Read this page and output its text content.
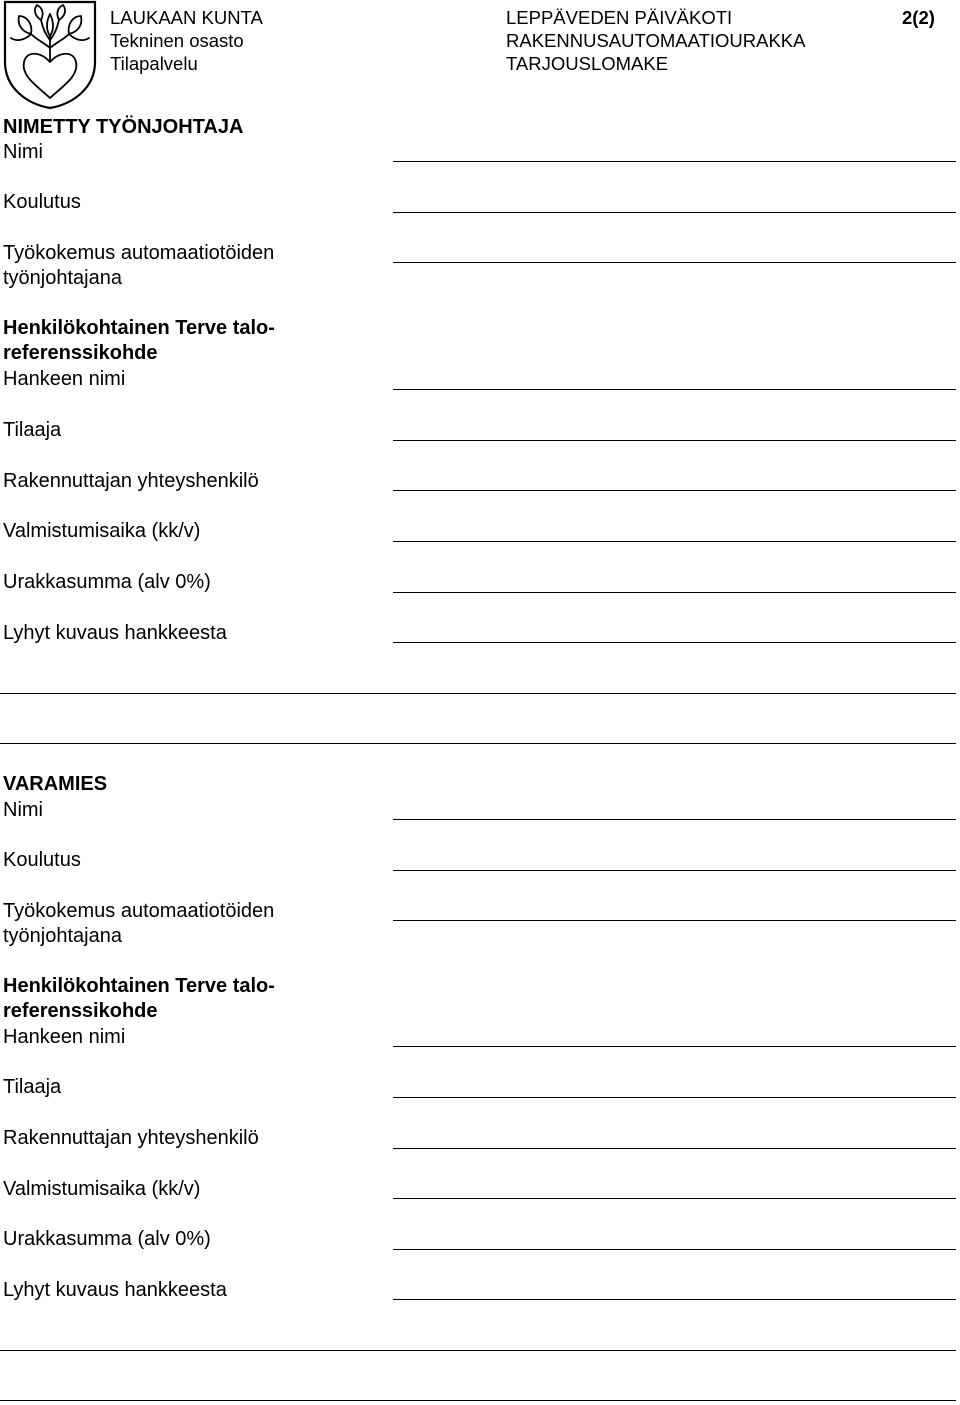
LAUKAAN KUNTA
Tekninen osasto
Tilapalvelu
LEPPÄVEDEN PÄIVÄKOTI
RAKENNUSAUTOMAATIOURAKKA
TARJOUSLOMAKE
2(2)
NIMETTY TYÖNJOHTAJA
Nimi
Koulutus
Työkokemus automaatiotöiden
työnjohtajana
Henkilökohtainen Terve talo-
referenssikohde
Hankeen nimi
Tilaaja
Rakennuttajan yhteyshenkilö
Valmistumisaika (kk/v)
Urakkasumma (alv 0%)
Lyhyt kuvaus hankkeesta
VARAMIES
Nimi
Koulutus
Työkokemus automaatiotöiden
työnjohtajana
Henkilökohtainen Terve talo-
referenssikohde
Hankeen nimi
Tilaaja
Rakennuttajan yhteyshenkilö
Valmistumisaika (kk/v)
Urakkasumma (alv 0%)
Lyhyt kuvaus hankkeesta
